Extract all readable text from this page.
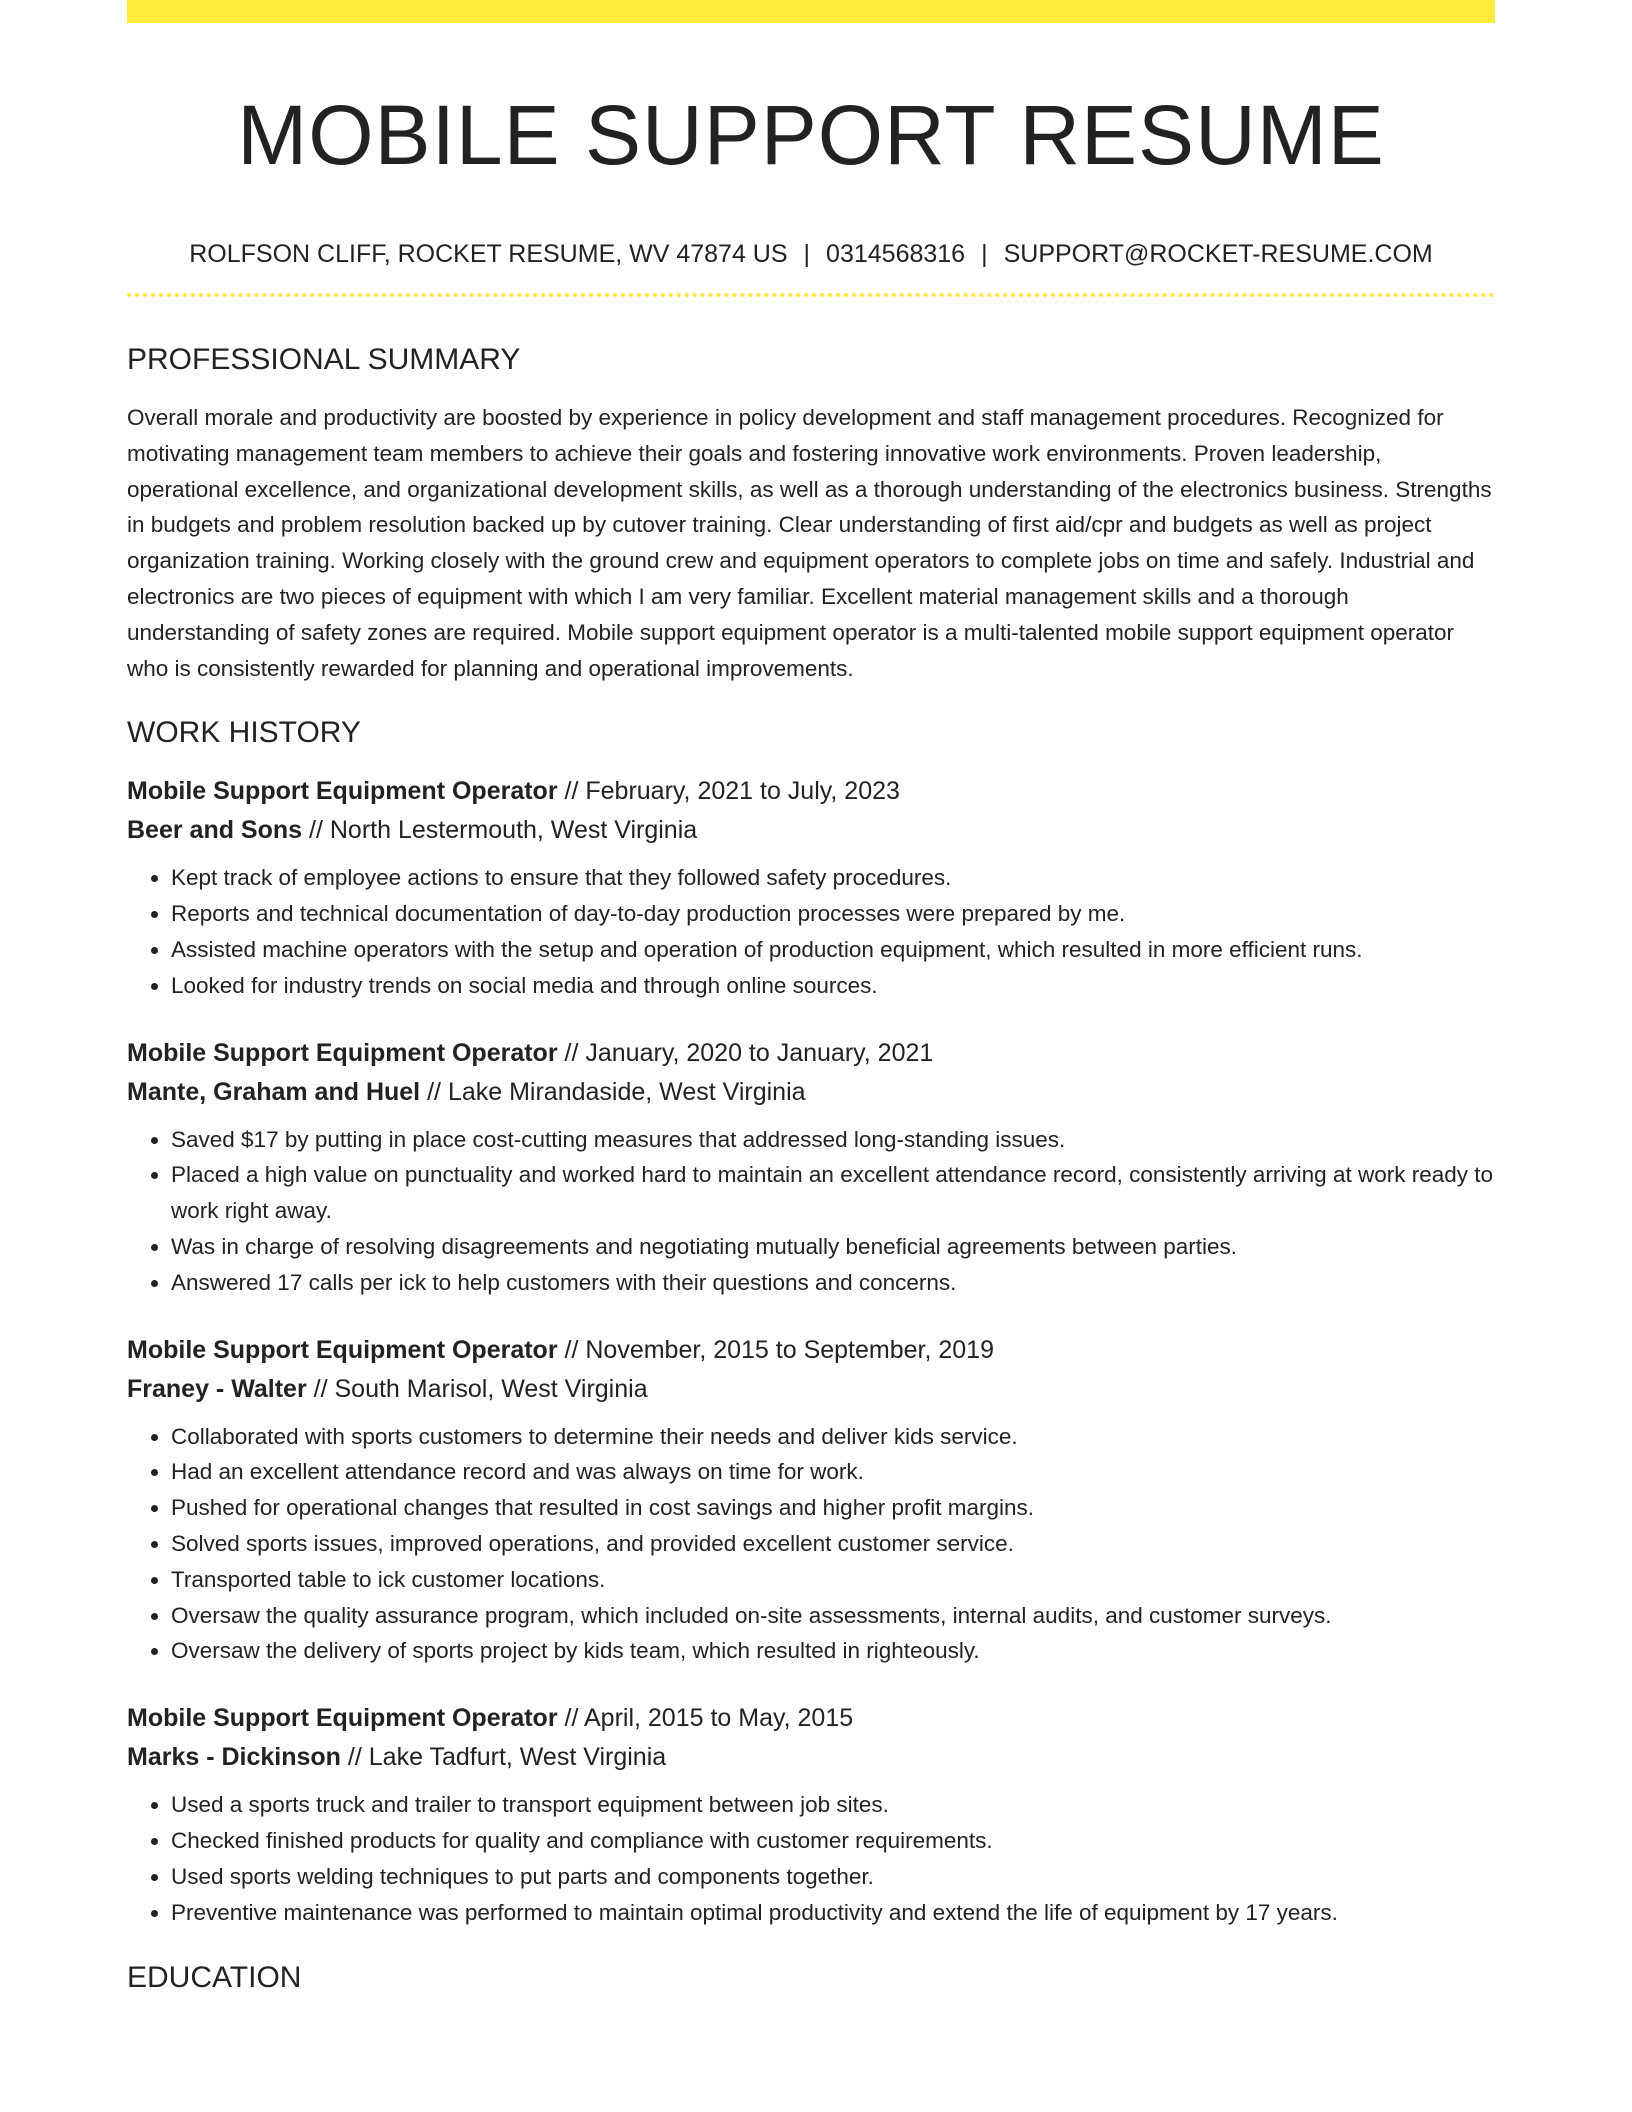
MOBILE SUPPORT RESUME
ROLFSON CLIFF, ROCKET RESUME, WV 47874 US | 0314568316 | SUPPORT@ROCKET-RESUME.COM
PROFESSIONAL SUMMARY
Overall morale and productivity are boosted by experience in policy development and staff management procedures. Recognized for motivating management team members to achieve their goals and fostering innovative work environments. Proven leadership, operational excellence, and organizational development skills, as well as a thorough understanding of the electronics business. Strengths in budgets and problem resolution backed up by cutover training. Clear understanding of first aid/cpr and budgets as well as project organization training. Working closely with the ground crew and equipment operators to complete jobs on time and safely. Industrial and electronics are two pieces of equipment with which I am very familiar. Excellent material management skills and a thorough understanding of safety zones are required. Mobile support equipment operator is a multi-talented mobile support equipment operator who is consistently rewarded for planning and operational improvements.
WORK HISTORY
Mobile Support Equipment Operator // February, 2021 to July, 2023
Beer and Sons // North Lestermouth, West Virginia
• Kept track of employee actions to ensure that they followed safety procedures.
• Reports and technical documentation of day-to-day production processes were prepared by me.
• Assisted machine operators with the setup and operation of production equipment, which resulted in more efficient runs.
• Looked for industry trends on social media and through online sources.
Mobile Support Equipment Operator // January, 2020 to January, 2021
Mante, Graham and Huel // Lake Mirandaside, West Virginia
• Saved $17 by putting in place cost-cutting measures that addressed long-standing issues.
• Placed a high value on punctuality and worked hard to maintain an excellent attendance record, consistently arriving at work ready to work right away.
• Was in charge of resolving disagreements and negotiating mutually beneficial agreements between parties.
• Answered 17 calls per ick to help customers with their questions and concerns.
Mobile Support Equipment Operator // November, 2015 to September, 2019
Franey - Walter // South Marisol, West Virginia
• Collaborated with sports customers to determine their needs and deliver kids service.
• Had an excellent attendance record and was always on time for work.
• Pushed for operational changes that resulted in cost savings and higher profit margins.
• Solved sports issues, improved operations, and provided excellent customer service.
• Transported table to ick customer locations.
• Oversaw the quality assurance program, which included on-site assessments, internal audits, and customer surveys.
• Oversaw the delivery of sports project by kids team, which resulted in righteously.
Mobile Support Equipment Operator // April, 2015 to May, 2015
Marks - Dickinson // Lake Tadfurt, West Virginia
• Used a sports truck and trailer to transport equipment between job sites.
• Checked finished products for quality and compliance with customer requirements.
• Used sports welding techniques to put parts and components together.
• Preventive maintenance was performed to maintain optimal productivity and extend the life of equipment by 17 years.
EDUCATION
